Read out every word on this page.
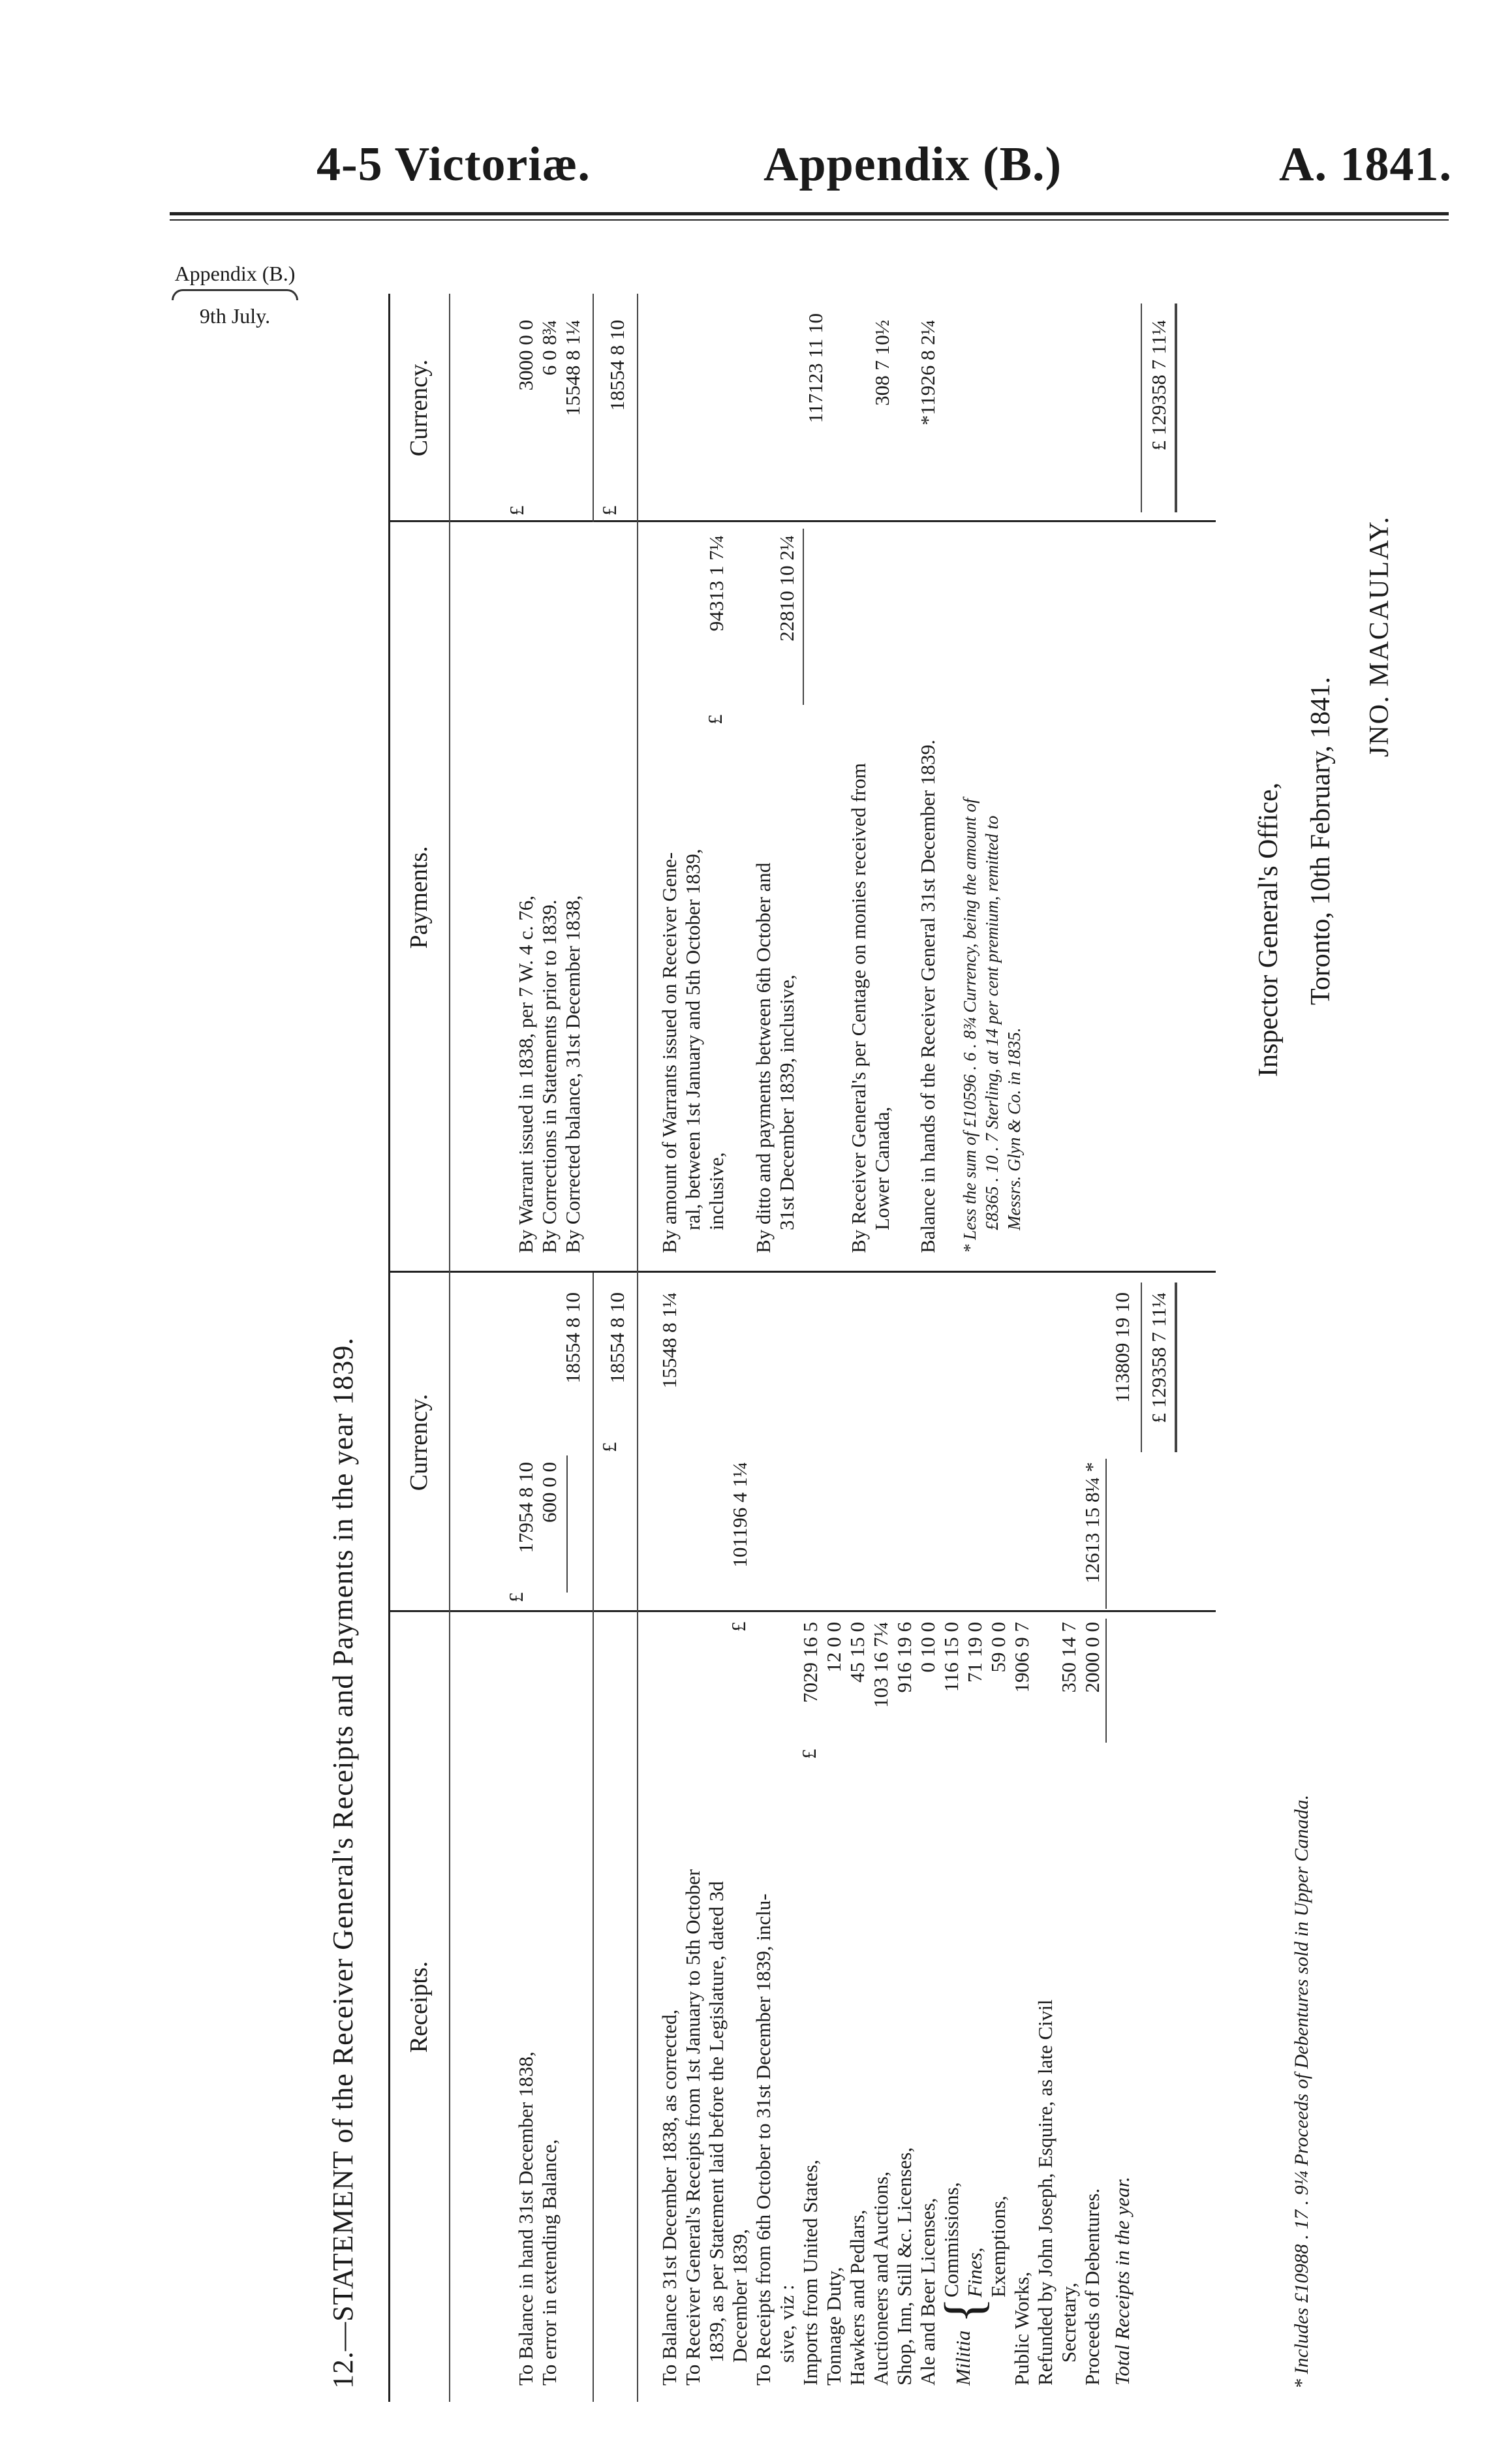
4-5 Victoriæ.	Appendix (B.)	A. 1841.
Appendix (B.)
9th July.
12.—STATEMENT of the Receiver General's Receipts and Payments in the year 1839. Receipts.
Currency.
Payments.
Currency.
To Balance in hand 31st December 1838, To error in extending Balance,
£
17954 8 10 600 0 0
18554 8 10
£
18554 8 10
To Balance 31st December 1838, as corrected,
15548 8 1¼
To Receiver General's Receipts from 1st January to 5th October 1839, as per Statement laid before the Legislature, dated 3d December 1839,
£
101196 4 1¼
To Receipts from 6th October to 31st December 1839, inclu- sive, viz :
£
Imports from United States,
7029 16 5
Tonnage Duty,
12 0 0
Hawkers and Pedlars,
45 15 0
Auctioneers and Auctions,
103 16 7¼
Shop, Inn, Still &c. Licenses,
916 19 6
Ale and Beer Licenses,
0 10 0
Militia
{
Commissions,
116 15 0
Fines,
71 19 0
Exemptions,
59 0 0
Public Works,
1906 9 7
Refunded by John Joseph, Esquire, as late Civil Secretary,
350 14 7
Proceeds of Debentures.
2000 0 0
12613 15 8¼ *
Total Receipts in the year.
113809 19 10 £ 129358 7 11¼
By Warrant issued in 1838, per 7 W. 4 c. 76, By Corrections in Statements prior to 1839. By Corrected balance, 31st December 1838,
£
3000 0 0 6 0 8¾ 15548 8 1¼
£
18554 8 10
By amount of Warrants issued on Receiver Gene- ral, between 1st January and 5th October 1839, inclusive,
£
94313 1 7¼
By ditto and payments between 6th October and 31st December 1839, inclusive,
22810 10 2¼
117123 11 10
By Receiver General's per Centage on monies received from Lower Canada,
308 7 10½
Balance in hands of the Receiver General 31st December 1839.
*11926 8 2¼
* Less the sum of £10596 . 6 . 8¾ Currency, being the amount of £8365 . 10 . 7 Sterling, at 14 per cent premium, remitted to Messrs. Glyn & Co. in 1835.
£ 129358 7 11¼
* Includes £10988 . 17 . 9¼ Proceeds of Debentures sold in Upper Canada.
Inspector General's Office, Toronto, 10th February, 1841.
JNO. MACAULAY.
